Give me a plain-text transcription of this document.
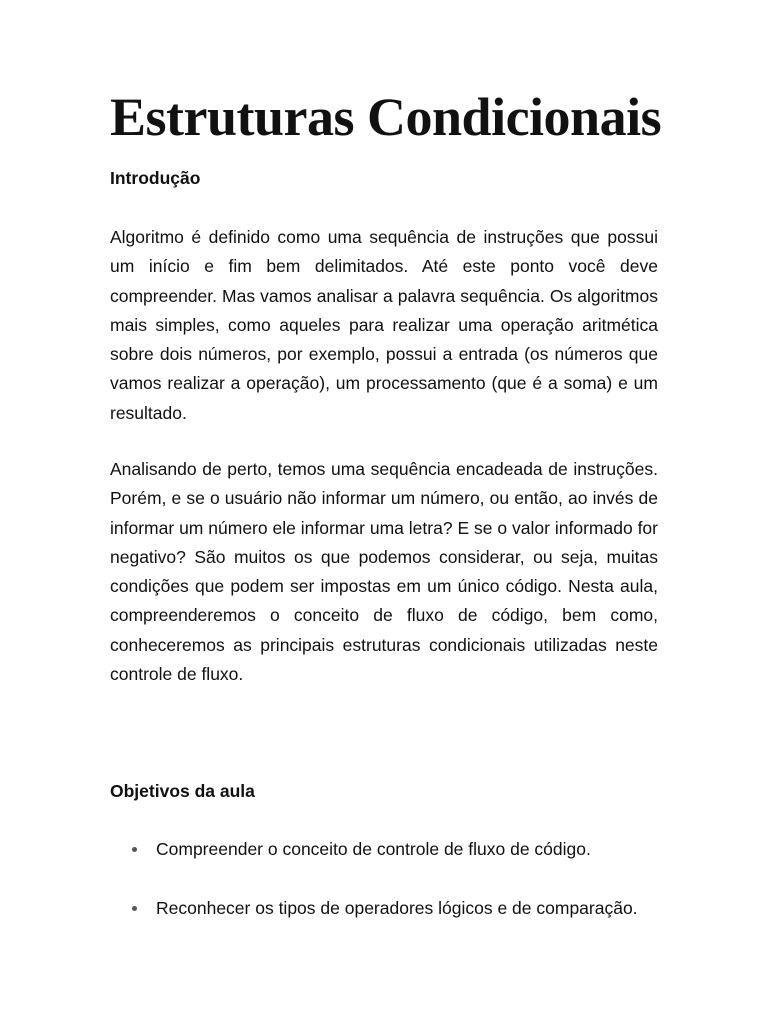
Estruturas Condicionais
Introdução

Algoritmo é definido como uma sequência de instruções que possui um início e fim bem delimitados. Até este ponto você deve compreender. Mas vamos analisar a palavra sequência. Os algoritmos mais simples, como aqueles para realizar uma operação aritmética sobre dois números, por exemplo, possui a entrada (os números que vamos realizar a operação), um processamento (que é a soma) e um resultado.

Analisando de perto, temos uma sequência encadeada de instruções. Porém, e se o usuário não informar um número, ou então, ao invés de informar um número ele informar uma letra? E se o valor informado for negativo? São muitos os que podemos considerar, ou seja, muitas condições que podem ser impostas em um único código. Nesta aula, compreenderemos o conceito de fluxo de código, bem como, conheceremos as principais estruturas condicionais utilizadas neste controle de fluxo.

Objetivos da aula
Compreender o conceito de controle de fluxo de código.
Reconhecer os tipos de operadores lógicos e de comparação.
